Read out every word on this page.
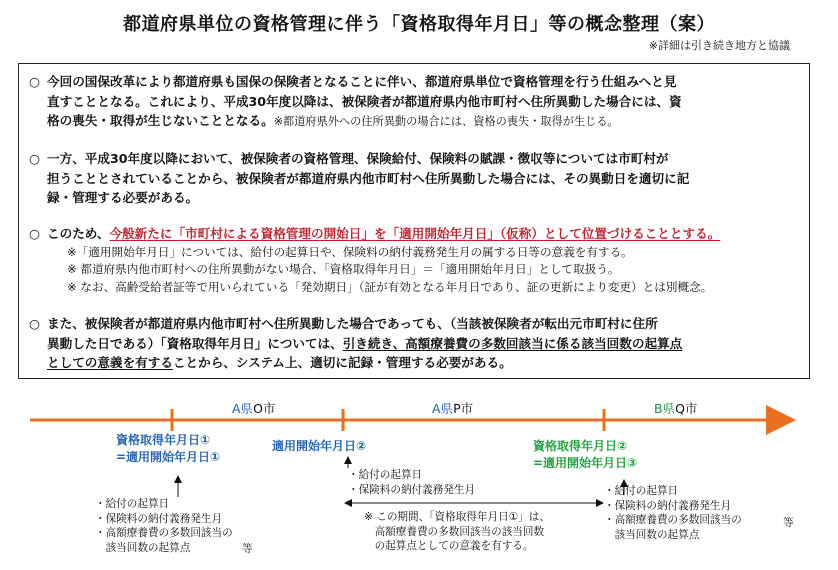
都道府県単位の資格管理に伴う「資格取得年月日」等の概念整理（案）
※詳細は引き続き地方と協議
○ 今回の国保改革により都道府県も国保の保険者となることに伴い、都道府県単位で資格管理を行う仕組みへと見
直すこととなる。これにより、平成30年度以降は、被保険者が都道府県内他市町村へ住所異動した場合には、資
格の喪失・取得が生じないこととなる。※都道府県外への住所異動の場合には、資格の喪失・取得が生じる。
○ 一方、平成30年度以降において、被保険者の資格管理、保険給付、保険料の賦課・徴収等については市町村が
担うこととされていることから、被保険者が都道府県内他市町村へ住所異動した場合には、その異動日を適切に記
録・管理する必要がある。
○ このため、今般新たに「市町村による資格管理の開始日」を「適用開始年月日」（仮称）として位置づけることとする。
※「適用開始年月日」については、給付の起算日や、保険料の納付義務発生月の属する日等の意義を有する。
※ 都道府県内他市町村への住所異動がない場合、「資格取得年月日」＝「適用開始年月日」として取扱う。
※ なお、高齢受給者証等で用いられている「発効期日」（証が有効となる年月日であり、証の更新により変更）とは別概念。
○ また、被保険者が都道府県内他市町村へ住所異動した場合であっても、（当該被保険者が転出元市町村に住所
異動した日である）「資格取得年月日」については、引き続き、高額療養費の多数回該当に係る該当回数の起算点
としての意義を有することから、システム上、適切に記録・管理する必要がある。
A県O市	A県P市	B県Q市
資格取得年月日①
=適用開始年月日①
適用開始年月日②	資格取得年月日②
=適用開始年月日③
・給付の起算日
・保険料の納付義務発生月
・高額療養費の多数回該当の
　該当回数の起算点	等
・給付の起算日
・保険料の納付義務発生月	・給付の起算日
・保険料の納付義務発生月
・高額療養費の多数回該当の
　該当回数の起算点
等
※ この期間、「資格取得年月日①」は、
　高額療養費の多数回該当の該当回数
　の起算点としての意義を有する。
